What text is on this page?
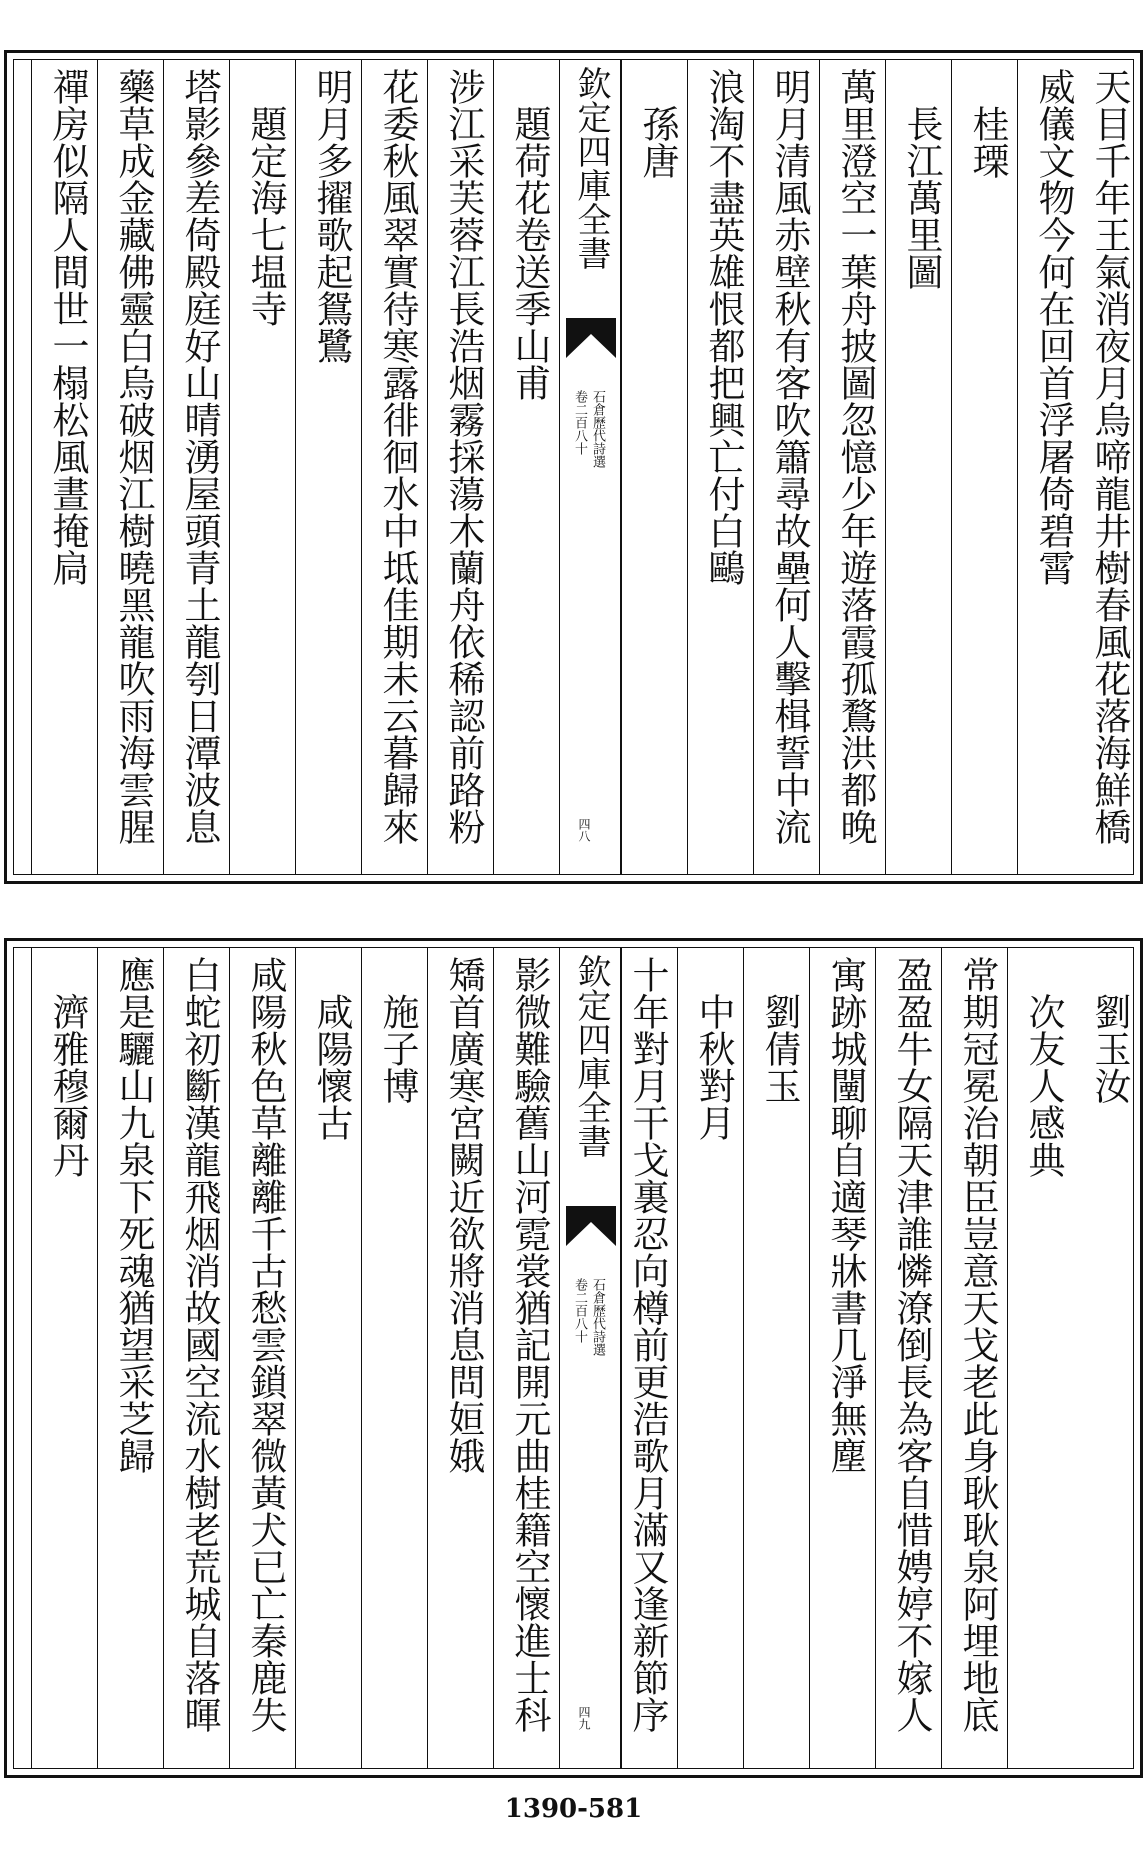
天目千年王氣消夜月烏啼龍井樹春風花落海鮮橋
威儀文物今何在回首浮屠倚碧霄
　桂瑮
　長江萬里圖
萬里澄空一葉舟披圖忽憶少年遊落霞孤鶩洪都晚
明月清風赤壁秋有客吹簫尋故壘何人擊楫誓中流
浪淘不盡英雄恨都把興亡付白鷗
　孫唐
欽定四庫全書
石倉歷代詩選
卷二百八十
四八
　題荷花卷送季山甫
涉江采芙蓉江長浩烟霧採蕩木蘭舟依稀認前路粉
花委秋風翠實待寒露徘徊水中坻佳期未云暮歸來
明月多擢歌起鴛鷺
　題定海七塭寺
塔影參差倚殿庭好山晴湧屋頭青土龍刳日潭波息
藥草成金藏佛靈白烏破烟江樹曉黑龍吹雨海雲腥
禪房似隔人間世一榻松風晝掩扃
　劉玉汝
　次友人感典
常期冠冕治朝臣豈意天戈老此身耿耿泉阿埋地底
盈盈牛女隔天津誰憐潦倒長為客自惜娉婷不嫁人
寓跡城闉聊自適琴牀書几淨無塵
　劉倩玉
　中秋對月
十年對月干戈裏忍向樽前更浩歌月滿又逢新節序
欽定四庫全書
石倉歷代詩選
卷二百八十
四九
影微難驗舊山河霓裳猶記開元曲桂籍空懷進士科
矯首廣寒宮闕近欲將消息問姮娥
　施子博
　咸陽懷古
咸陽秋色草離離千古愁雲鎖翠微黃犬已亡秦鹿失
白蛇初斷漢龍飛烟消故國空流水樹老荒城自落暉
應是驪山九泉下死魂猶望采芝歸
　濟雅穆爾丹
1390-581
